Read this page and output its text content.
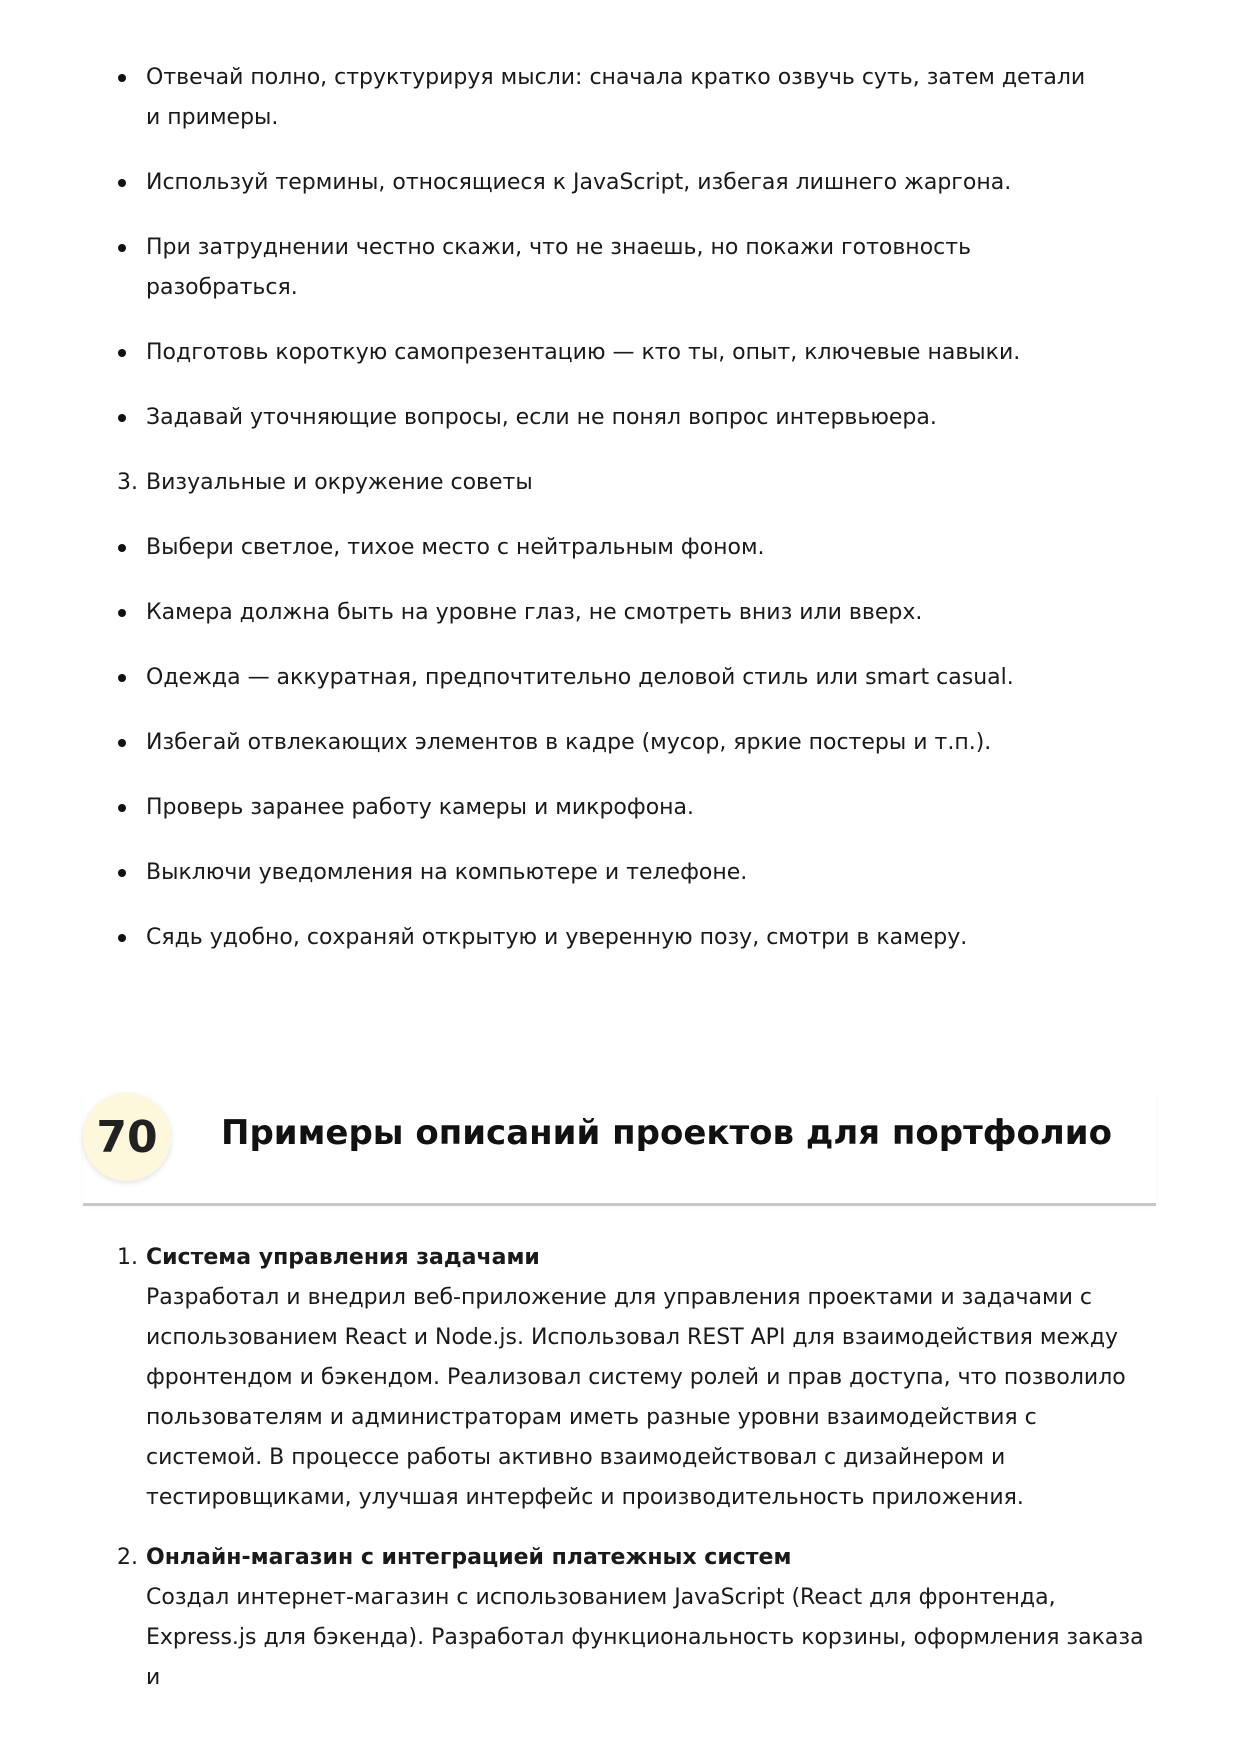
Отвечай полно, структурируя мысли: сначала кратко озвучь суть, затем детали и примеры.
Используй термины, относящиеся к JavaScript, избегая лишнего жаргона.
При затруднении честно скажи, что не знаешь, но покажи готовность разобраться.
Подготовь короткую самопрезентацию — кто ты, опыт, ключевые навыки.
Задавай уточняющие вопросы, если не понял вопрос интервьюера.
3. Визуальные и окружение советы
Выбери светлое, тихое место с нейтральным фоном.
Камера должна быть на уровне глаз, не смотреть вниз или вверх.
Одежда — аккуратная, предпочтительно деловой стиль или smart casual.
Избегай отвлекающих элементов в кадре (мусор, яркие постеры и т.п.).
Проверь заранее работу камеры и микрофона.
Выключи уведомления на компьютере и телефоне.
Сядь удобно, сохраняй открытую и уверенную позу, смотри в камеру.
70	Примеры описаний проектов для портфолио
1. Система управления задачами
Разработал и внедрил веб-приложение для управления проектами и задачами с использованием React и Node.js. Использовал REST API для взаимодействия между фронтендом и бэкендом. Реализовал систему ролей и прав доступа, что позволило пользователям и администраторам иметь разные уровни взаимодействия с системой. В процессе работы активно взаимодействовал с дизайнером и тестировщиками, улучшая интерфейс и производительность приложения.
2. Онлайн-магазин с интеграцией платежных систем
Создал интернет-магазин с использованием JavaScript (React для фронтенда, Express.js для бэкенда). Разработал функциональность корзины, оформления заказа и
